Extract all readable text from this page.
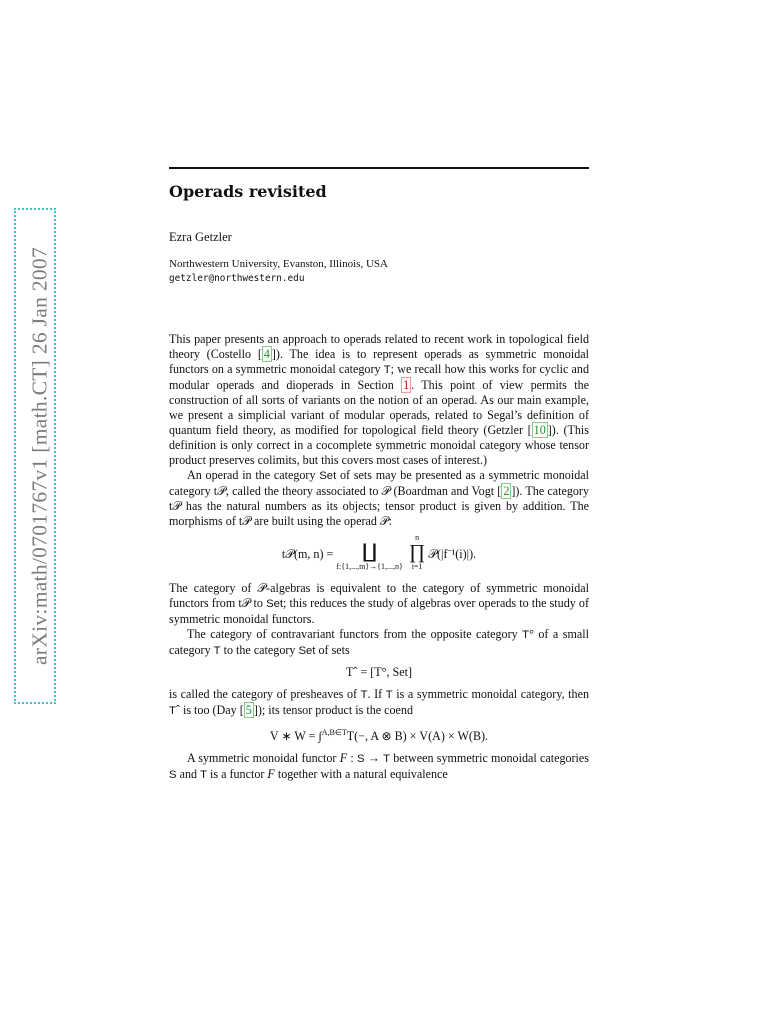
arXiv:math/0701767v1 [math.CT] 26 Jan 2007
Operads revisited
Ezra Getzler
Northwestern University, Evanston, Illinois, USA
getzler@northwestern.edu

This paper presents an approach to operads related to recent work in topological field theory (Costello [ 4 ]). The idea is to represent operads as symmetric monoidal functors on a symmetric monoidal category T; we recall how this works for cyclic and modular operads and dioperads in Section 1 . This point of view permits the construction of all sorts of variants on the notion of an operad. As our main example, we present a simplicial variant of modular operads, related to Segal’s definition of quantum field theory, as modified for topological field theory (Getzler [ 10 ]). (This definition is only correct in a cocomplete symmetric monoidal category whose tensor product preserves colimits, but this covers most cases of interest.)

An operad in the category Set of sets may be presented as a symmetric monoidal category t𝒫, called the theory associated to 𝒫 (Boardman and Vogt [ 2 ]). The category t𝒫 has the natural numbers as its objects; tensor product is given by addition. The morphisms of t𝒫 are built using the operad 𝒫:

t𝒫(m, n) = ∐
f:{1,...,m}→{1,...,n}
n
∏
i=1
𝒫(|f⁻¹(i)|).

The category of 𝒫-algebras is equivalent to the category of symmetric monoidal functors from t𝒫 to Set; this reduces the study of algebras over operads to the study of symmetric monoidal functors.

The category of contravariant functors from the opposite category T° of a small category T to the category Set of sets

Tˆ = [T°, Set]

is called the category of presheaves of T. If T is a symmetric monoidal category, then Tˆ is too (Day [ 5 ]); its tensor product is the coend

V ∗ W = ∫$^{A,B\in T}$T(−, A ⊗ B) × V(A) × W(B).

A symmetric monoidal functor F : S → T between symmetric monoidal categories S and T is a functor F together with a natural equivalence
